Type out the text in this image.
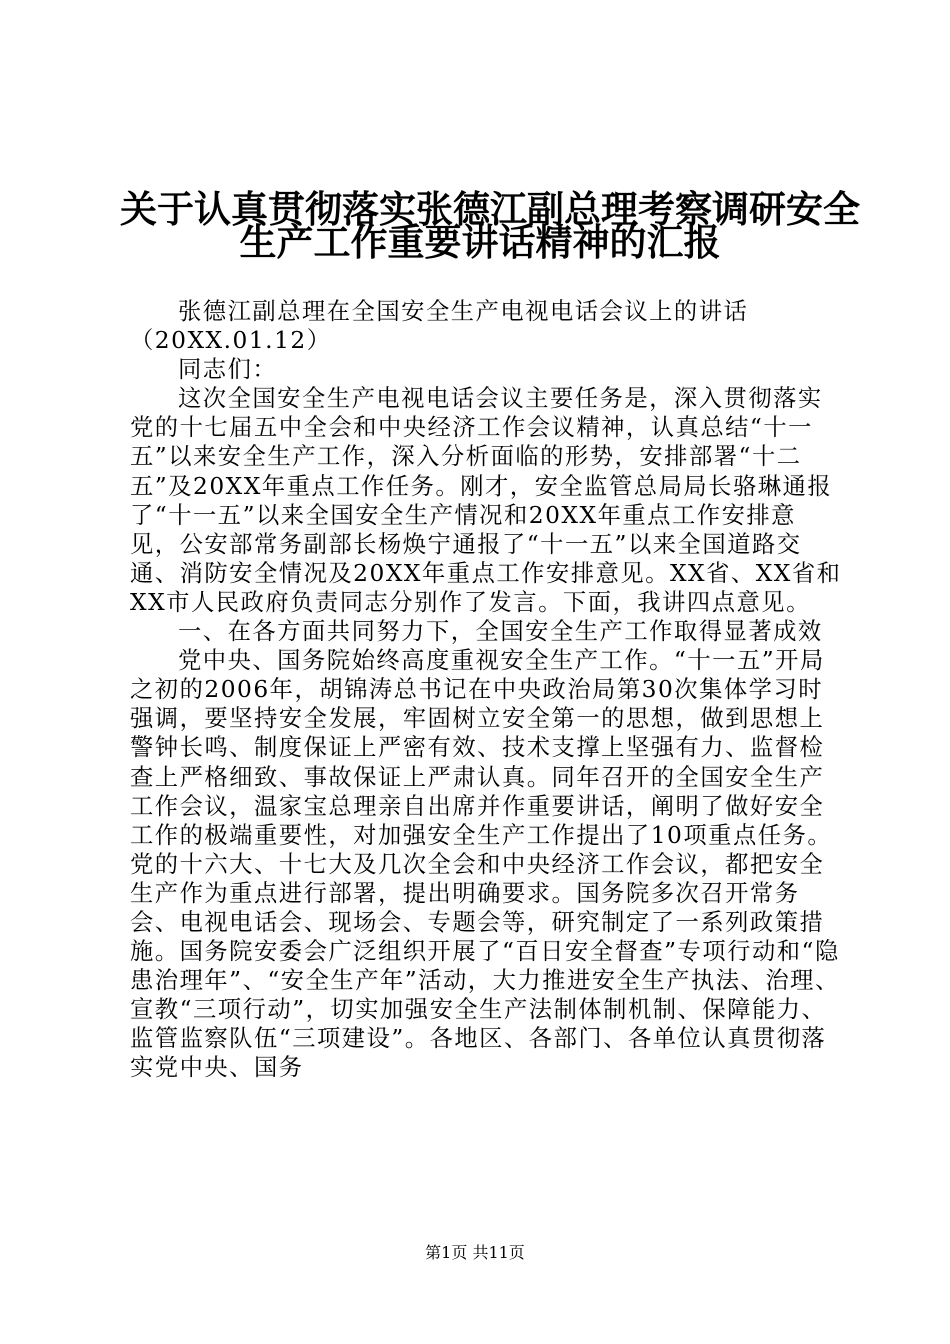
关于认真贯彻落实张德江副总理考察调研安全
生产工作重要讲话精神的汇报

张德江副总理在全国安全生产电视电话会议上的讲话

（20XX.01.12）

同志们：

这次全国安全生产电视电话会议主要任务是，深入贯彻落实党的十七届五中全会和中央经济工作会议精神，认真总结“十一五”以来安全生产工作，深入分析面临的形势，安排部署“十二五”及20XX年重点工作任务。刚才，安全监管总局局长骆琳通报了“十一五”以来全国安全生产情况和20XX年重点工作安排意见，公安部常务副部长杨焕宁通报了“十一五”以来全国道路交通、消防安全情况及20XX年重点工作安排意见。XX省、XX省和XX市人民政府负责同志分别作了发言。下面，我讲四点意见。

一、在各方面共同努力下，全国安全生产工作取得显著成效

党中央、国务院始终高度重视安全生产工作。“十一五”开局之初的2006年，胡锦涛总书记在中央政治局第30次集体学习时强调，要坚持安全发展，牢固树立安全第一的思想，做到思想上警钟长鸣、制度保证上严密有效、技术支撑上坚强有力、监督检查上严格细致、事故保证上严肃认真。同年召开的全国安全生产工作会议，温家宝总理亲自出席并作重要讲话，阐明了做好安全工作的极端重要性，对加强安全生产工作提出了10项重点任务。党的十六大、十七大及几次全会和中央经济工作会议，都把安全生产作为重点进行部署，提出明确要求。国务院多次召开常务会、电视电话会、现场会、专题会等，研究制定了一系列政策措施。国务院安委会广泛组织开展了“百日安全督查”专项行动和“隐患治理年”、“安全生产年”活动，大力推进安全生产执法、治理、宣教“三项行动”，切实加强安全生产法制体制机制、保障能力、监管监察队伍“三项建设”。各地区、各部门、各单位认真贯彻落实党中央、国务

第1页 共11页
